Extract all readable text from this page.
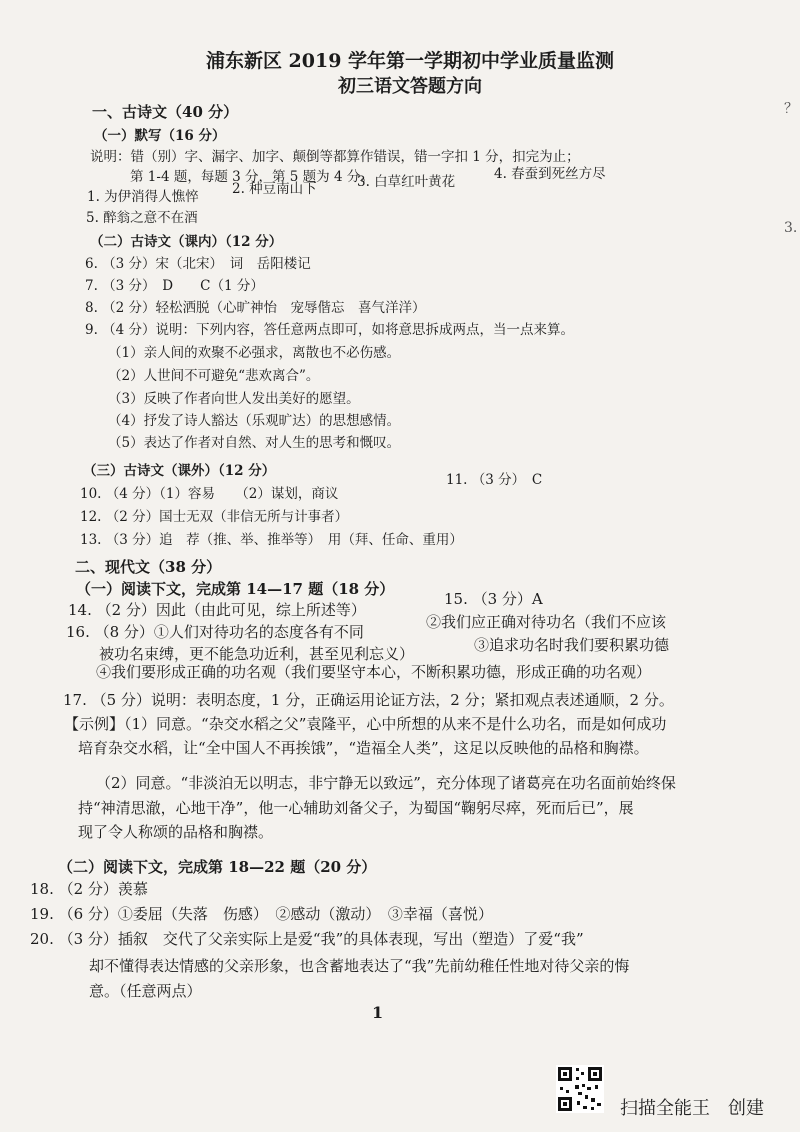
浦东新区 2019 学年第一学期初中学业质量监测
初三语文答题方向
一、古诗文（40 分）
（一）默写（16 分）
说明：错（别）字、漏字、加字、颠倒等都算作错误，错一字扣 1 分，扣完为止；
第 1-4 题，每题 3 分，第 5 题为 4 分。
1. 为伊消得人憔悴 2. 种豆南山下	3. 白草红叶黄花	4. 春蚕到死丝方尽
5. 醉翁之意不在酒
（二）古诗文（课内）（12 分）
6. （3 分）宋（北宋）　词　岳阳楼记
7. （3 分）　D　　C（1 分）
8. （2 分）轻松洒脱（心旷神怡　宠辱偕忘　喜气洋洋）
9. （4 分）说明：下列内容，答任意两点即可，如将意思拆成两点，当一点来算。
（1）亲人间的欢聚不必强求，离散也不必伤感。
（2）人世间不可避免“悲欢离合”。
（3）反映了作者向世人发出美好的愿望。
（4）抒发了诗人豁达（乐观旷达）的思想感情。
（5）表达了作者对自然、对人生的思考和慨叹。
（三）古诗文（课外）（12 分）
10. （4 分）（1）容易　　（2）谋划，商议
11. （3 分）　C
12. （2 分）国士无双（非信无所与计事者）
13. （3 分）追　荐（推、举、推举等）　用（拜、任命、重用）
二、现代文（38 分）
（一）阅读下文，完成第 14—17 题（18 分）
14. （2 分）因此（由此可见，综上所述等）
15. （3 分）A
16. （8 分）①人们对待功名的态度各有不同
②我们应正确对待功名（我们不应该
被功名束缚，更不能急功近利，甚至见利忘义）	③追求功名时我们要积累功德
④我们要形成正确的功名观（我们要坚守本心，不断积累功德，形成正确的功名观）
17. （5 分）说明：表明态度，1 分，正确运用论证方法，2 分；紧扣观点表述通顺，2 分。
【示例】（1）同意。“杂交水稻之父”袁隆平，心中所想的从来不是什么功名，而是如何成功
培育杂交水稻，让“全中国人不再挨饿”，“造福全人类”，这足以反映他的品格和胸襟。
（2）同意。“非淡泊无以明志，非宁静无以致远”，充分体现了诸葛亮在功名面前始终保
持“神清思澈，心地干净”，他一心辅助刘备父子，为蜀国“鞠躬尽瘁，死而后已”，展
现了令人称颂的品格和胸襟。
（二）阅读下文，完成第 18—22 题（20 分）
18. （2 分）羡慕
19. （6 分）①委屈（失落　伤感）　②感动（激动）　③幸福（喜悦）
20. （3 分）插叙　交代了父亲实际上是爱“我”的具体表现，写出（塑造）了爱“我”
却不懂得表达情感的父亲形象，也含蓄地表达了“我”先前幼稚任性地对待父亲的悔
意。（任意两点）
1
？
3.
扫描全能王　创建
